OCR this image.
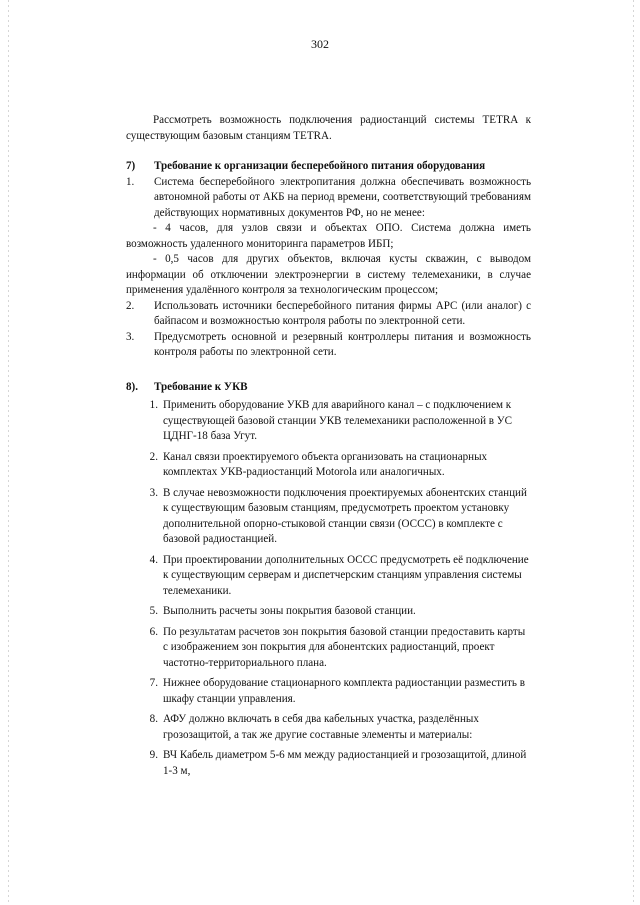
302

Рассмотреть возможность подключения радиостанций системы TETRA к существующим базовым станциям TETRA.

7)	Требование к организации бесперебойного питания оборудования
1.	Система бесперебойного электропитания должна обеспечивать возможность автономной работы от АКБ на период времени, соответствующий требованиям действующих нормативных документов РФ, но не менее:

- 4 часов, для узлов связи и объектах ОПО. Система должна иметь возможность удаленного мониторинга параметров ИБП;

- 0,5 часов для других объектов, включая кусты скважин, с выводом информации об отключении электроэнергии в систему телемеханики, в случае применения удалённого контроля за технологическим процессом;

2.	Использовать источники бесперебойного питания фирмы APC (или аналог) с байпасом и возможностью контроля работы по электронной сети.
3.	Предусмотреть основной и резервный контроллеры питания и возможность контроля работы по электронной сети.
8).	Требование к УКВ
1. Применить оборудование УКВ для аварийного канал – с подключением к существующей базовой станции УКВ телемеханики расположенной в УС ЦДНГ-18 база Угут.
2. Канал связи проектируемого объекта организовать на стационарных комплектах УКВ-радиостанций Motorola или аналогичных.
3. В случае невозможности подключения проектируемых абонентских станций к существующим базовым станциям, предусмотреть проектом установку дополнительной опорно-стыковой станции связи (ОССС) в комплекте с базовой радиостанцией.
4. При проектировании дополнительных ОССС предусмотреть её подключение к существующим серверам и диспетчерским станциям управления системы телемеханики.
5. Выполнить расчеты зоны покрытия базовой станции.
6. По результатам расчетов зон покрытия базовой станции предоставить карты с изображением зон покрытия для абонентских радиостанций, проект частотно-территориального плана.
7. Нижнее оборудование стационарного комплекта радиостанции разместить в шкафу станции управления.
8. АФУ должно включать в себя два кабельных участка, разделённых грозозащитой, а так же другие составные элементы и материалы:
9. ВЧ Кабель диаметром 5-6 мм между радиостанцией и грозозащитой, длиной 1-3 м,
